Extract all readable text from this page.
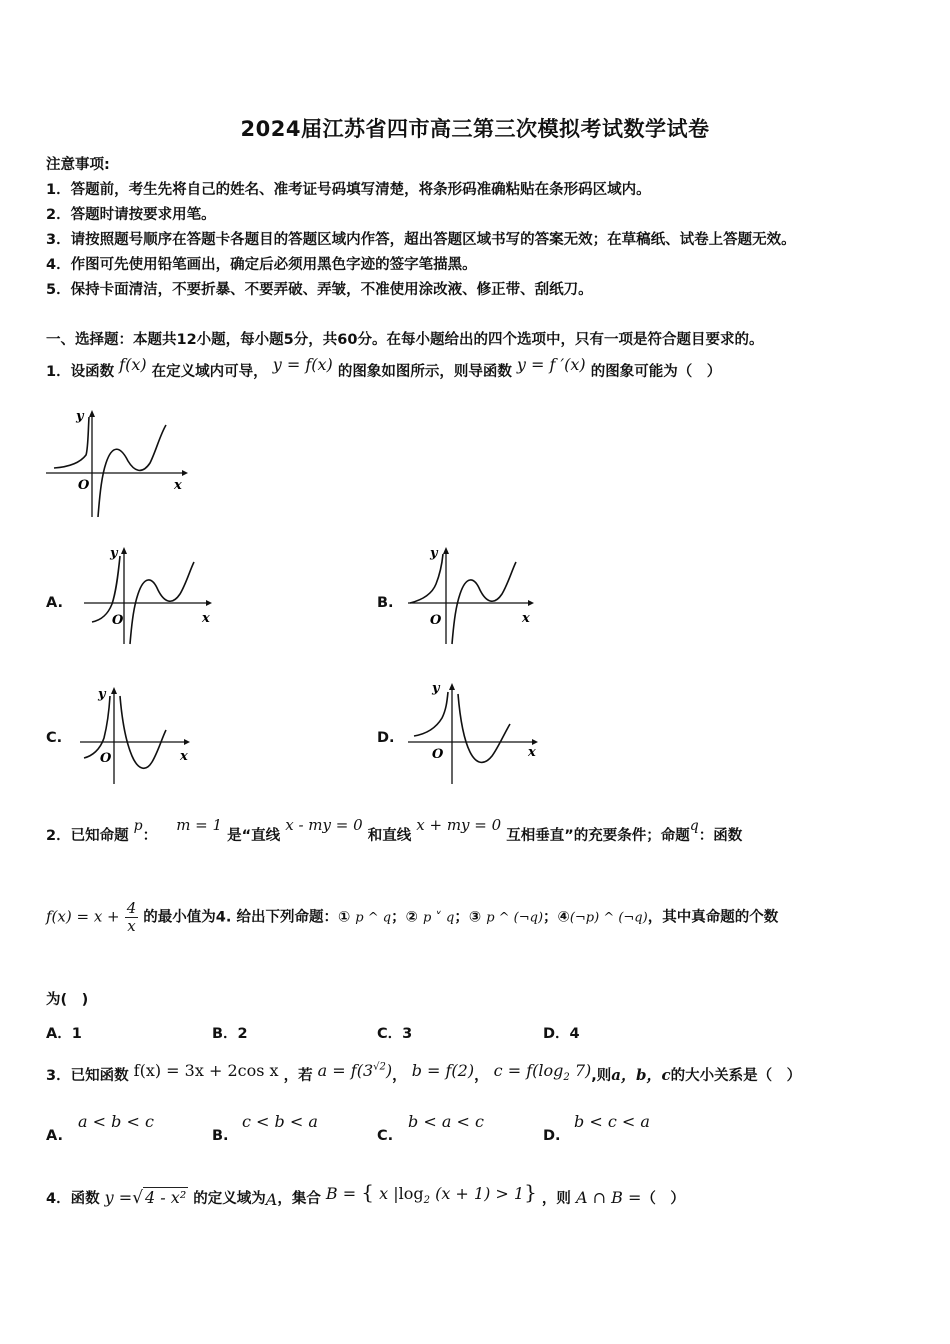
2024届江苏省四市高三第三次模拟考试数学试卷
注意事项:
1．答题前，考生先将自己的姓名、准考证号码填写清楚，将条形码准确粘贴在条形码区域内。
2．答题时请按要求用笔。
3．请按照题号顺序在答题卡各题目的答题区域内作答，超出答题区域书写的答案无效；在草稿纸、试卷上答题无效。
4．作图可先使用铅笔画出，确定后必须用黑色字迹的签字笔描黑。
5．保持卡面清洁，不要折暴、不要弄破、弄皱，不准使用涂改液、修正带、刮纸刀。
一、选择题：本题共12小题，每小题5分，共60分。在每小题给出的四个选项中，只有一项是符合题目要求的。
1．设函数 f(x) 在定义域内可导， y = f(x) 的图象如图所示，则导函数 y = f ′(x) 的图象可能为（　）
y
x
O
A.
y
x
O
B.
y
x
O
C.
y
x
O
D.
y
x
O
2．已知命题 p： m = 1 是“直线 x - my = 0 和直线 x + my = 0 互相垂直”的充要条件；命题q：函数
$f(x) = x + \frac{4}{x}$ 的最小值为4. 给出下列命题：① p ^ q；② p ˅ q；③ p ^ (¬q)；④(¬p) ^ (¬q)，其中真命题的个数
为(　)
A．1	B．2	C．3	D．4
3．已知函数 f(x) = 3x + 2cos x ，若 $a = f(3^{√2})$， b = f(2)， $c = f(\log_2$ 7),则a，b，c的大小关系是（　）
A.
a < b < c
B.
c < b < a
C.
b < a < c
D.
b < c < a
4．函数 y =√ 4 - x² 的定义域为A，集合 B = { x $|\log_2$ (x + 1) > 1} ，则 A ∩ B =（　）
